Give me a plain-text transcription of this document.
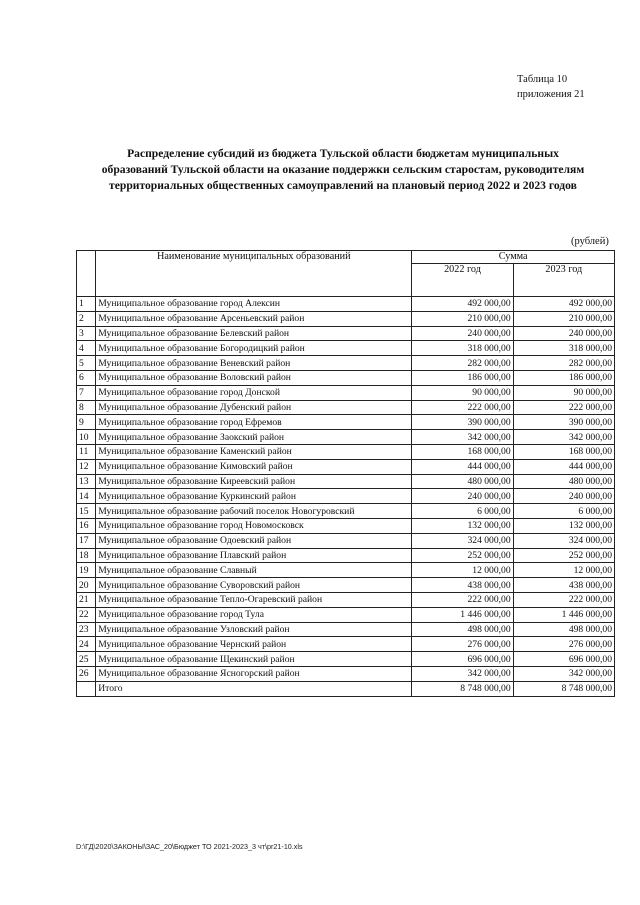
Таблица 10
приложения 21
Распределение субсидий из бюджета Тульской области бюджетам муниципальных
образований Тульской области на оказание поддержки сельским старостам, руководителям
территориальных общественных самоуправлений на плановый период 2022 и 2023 годов
(рублей)
	Наименование муниципальных образований	Сумма	
		2022 год	2023 год
1	Муниципальное образование город Алексин	492 000,00	492 000,00
2	Муниципальное образование Арсеньевский район	210 000,00	210 000,00
3	Муниципальное образование Белевский район	240 000,00	240 000,00
4	Муниципальное образование Богородицкий район	318 000,00	318 000,00
5	Муниципальное образование Веневский район	282 000,00	282 000,00
6	Муниципальное образование Воловский район	186 000,00	186 000,00
7	Муниципальное образование город Донской	90 000,00	90 000,00
8	Муниципальное образование Дубенский район	222 000,00	222 000,00
9	Муниципальное образование город Ефремов	390 000,00	390 000,00
10	Муниципальное образование Заокский район	342 000,00	342 000,00
11	Муниципальное образование Каменский район	168 000,00	168 000,00
12	Муниципальное образование Кимовский район	444 000,00	444 000,00
13	Муниципальное образование Киреевский район	480 000,00	480 000,00
14	Муниципальное образование Куркинский район	240 000,00	240 000,00
15	Муниципальное образование рабочий поселок Новогуровский	6 000,00	6 000,00
16	Муниципальное образование город Новомосковск	132 000,00	132 000,00
17	Муниципальное образование Одоевский район	324 000,00	324 000,00
18	Муниципальное образование Плавский район	252 000,00	252 000,00
19	Муниципальное образование Славный	12 000,00	12 000,00
20	Муниципальное образование Суворовский район	438 000,00	438 000,00
21	Муниципальное образование Тепло-Огаревский район	222 000,00	222 000,00
22	Муниципальное образование город Тула	1 446 000,00	1 446 000,00
23	Муниципальное образование Узловский район	498 000,00	498 000,00
24	Муниципальное образование Чернский район	276 000,00	276 000,00
25	Муниципальное образование Щекинский район	696 000,00	696 000,00
26	Муниципальное образование Ясногорский район	342 000,00	342 000,00
	Итого	8 748 000,00	8 748 000,00
D:\ГД\2020\ЗАКОНЫ\ЗАС_20\Бюджет ТО 2021-2023_3 чт\pr21-10.xls
